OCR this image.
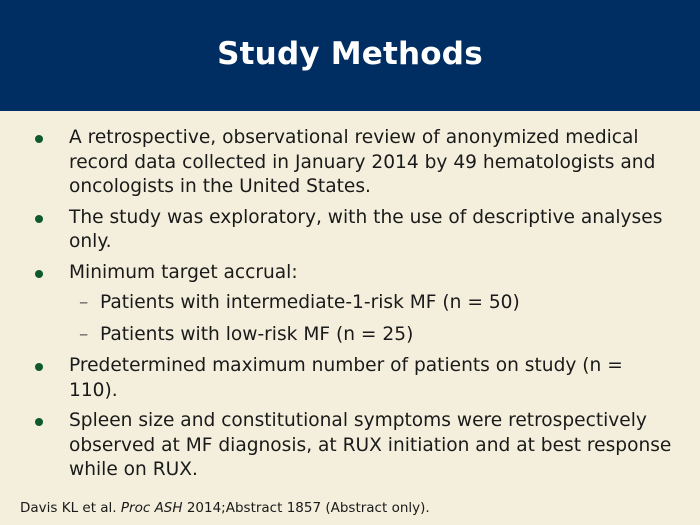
Study Methods
A retrospective, observational review of anonymized medical record data collected in January 2014 by 49 hematologists and oncologists in the United States.
The study was exploratory, with the use of descriptive analyses only.
Minimum target accrual:
– Patients with intermediate-1-risk MF (n = 50)
– Patients with low-risk MF (n = 25)
Predetermined maximum number of patients on study (n = 110).
Spleen size and constitutional symptoms were retrospectively observed at MF diagnosis, at RUX initiation and at best response while on RUX.
Davis KL et al. Proc ASH 2014;Abstract 1857 (Abstract only).
